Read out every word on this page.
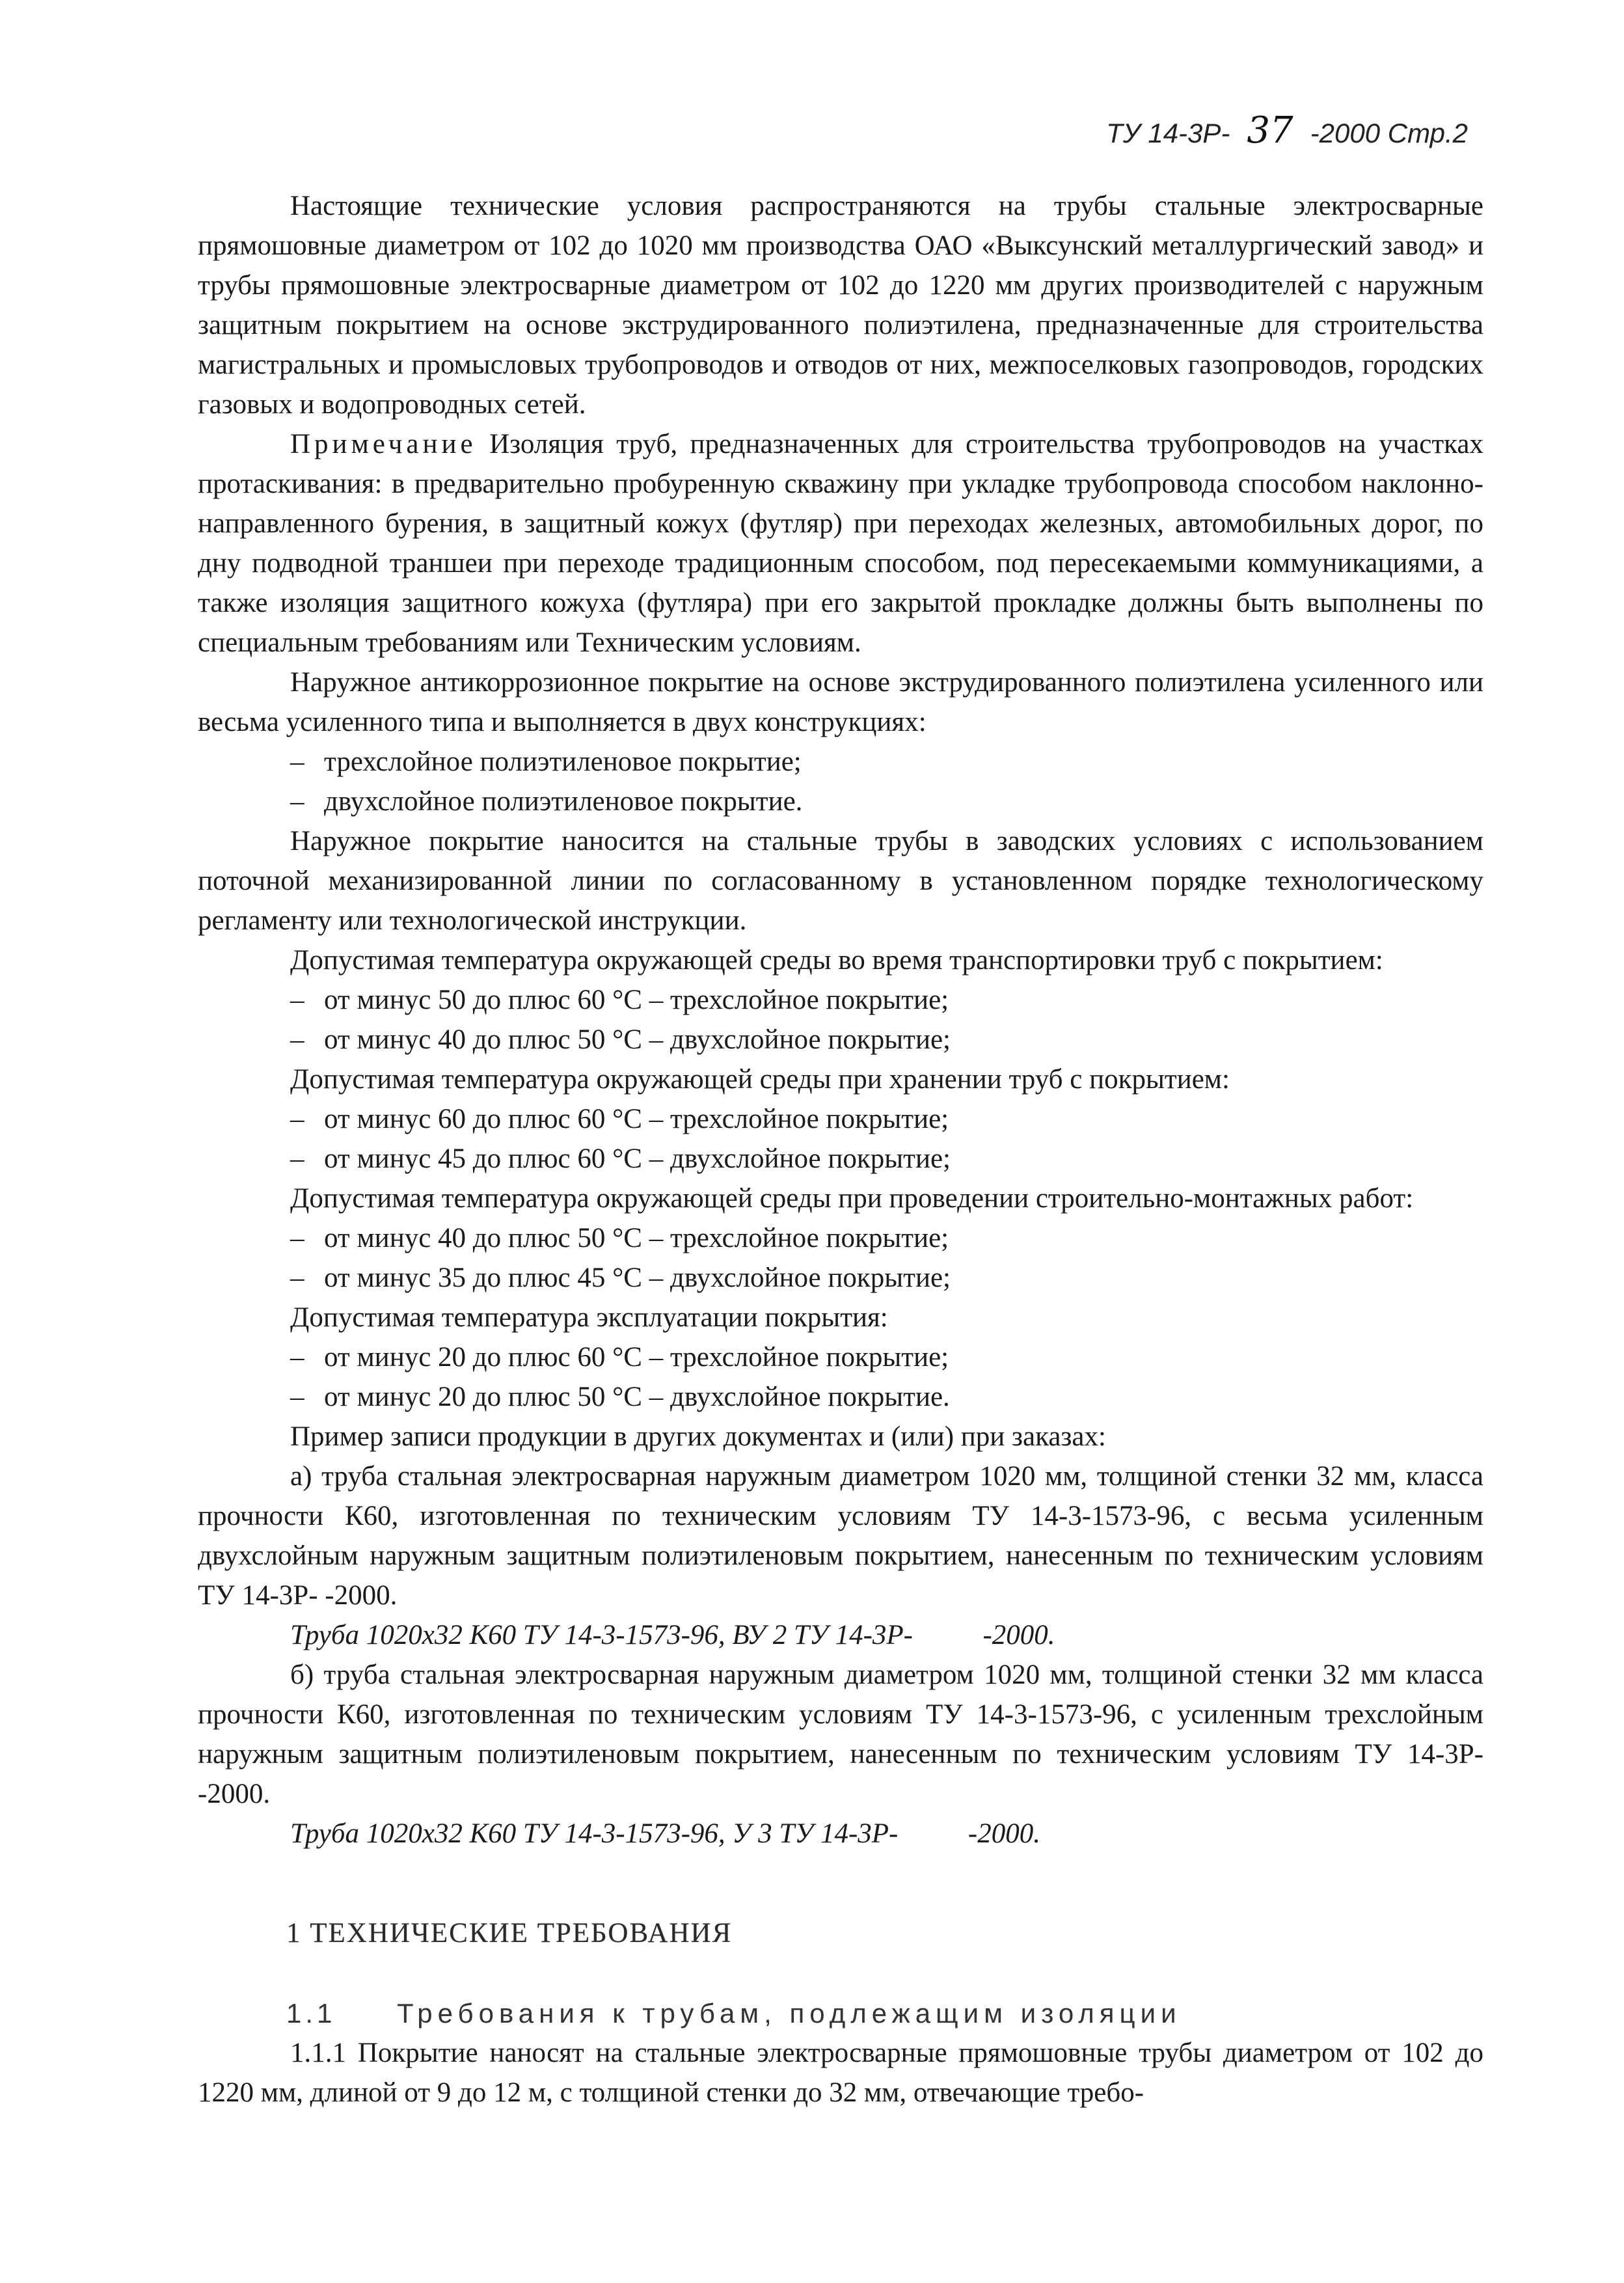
ТУ 14-3Р- 37 -2000 Стр.2

Настоящие технические условия распространяются на трубы стальные электросварные прямошовные диаметром от 102 до 1020 мм производства ОАО «Выксунский металлургический завод» и трубы прямошовные электросварные диаметром от 102 до 1220 мм других производителей с наружным защитным покрытием на основе экструдированного полиэтилена, предназначенные для строительства магистральных и промысловых трубопроводов и отводов от них, межпоселковых газопроводов, городских газовых и водопроводных сетей.

Примечание Изоляция труб, предназначенных для строительства трубопроводов на участках протаскивания: в предварительно пробуренную скважину при укладке трубопровода способом наклонно-направленного бурения, в защитный кожух (футляр) при переходах железных, автомобильных дорог, по дну подводной траншеи при переходе традиционным способом, под пересекаемыми коммуникациями, а также изоляция защитного кожуха (футляра) при его закрытой прокладке должны быть выполнены по специальным требованиям или Техническим условиям.

Наружное антикоррозионное покрытие на основе экструдированного полиэтилена усиленного или весьма усиленного типа и выполняется в двух конструкциях:

– трехслойное полиэтиленовое покрытие;

– двухслойное полиэтиленовое покрытие.

Наружное покрытие наносится на стальные трубы в заводских условиях с использованием поточной механизированной линии по согласованному в установленном порядке технологическому регламенту или технологической инструкции.

Допустимая температура окружающей среды во время транспортировки труб с покрытием:

– от минус 50 до плюс 60 °С – трехслойное покрытие;

– от минус 40 до плюс 50 °С – двухслойное покрытие;

Допустимая температура окружающей среды при хранении труб с покрытием:

– от минус 60 до плюс 60 °С – трехслойное покрытие;

– от минус 45 до плюс 60 °С – двухслойное покрытие;

Допустимая температура окружающей среды при проведении строительно-монтажных работ:

– от минус 40 до плюс 50 °С – трехслойное покрытие;

– от минус 35 до плюс 45 °С – двухслойное покрытие;

Допустимая температура эксплуатации покрытия:

– от минус 20 до плюс 60 °С – трехслойное покрытие;

– от минус 20 до плюс 50 °С – двухслойное покрытие.

Пример записи продукции в других документах и (или) при заказах:

а) труба стальная электросварная наружным диаметром 1020 мм, толщиной стенки 32 мм, класса прочности К60, изготовленная по техническим условиям ТУ 14-3-1573-96, с весьма усиленным двухслойным наружным защитным полиэтиленовым покрытием, нанесенным по техническим условиям ТУ 14-3Р- -2000.

Труба 1020х32 К60 ТУ 14-3-1573-96, ВУ 2 ТУ 14-3Р-          -2000.

б) труба стальная электросварная наружным диаметром 1020 мм, толщиной стенки 32 мм класса прочности К60, изготовленная по техническим условиям ТУ 14-3-1573-96, с усиленным трехслойным наружным защитным полиэтиленовым покрытием, нанесенным по техническим условиям ТУ 14-3Р- -2000.

Труба 1020х32 К60 ТУ 14-3-1573-96, У 3 ТУ 14-3Р-          -2000.

1 ТЕХНИЧЕСКИЕ ТРЕБОВАНИЯ

1.1 Требования к трубам, подлежащим изоляции

1.1.1 Покрытие наносят на стальные электросварные прямошовные трубы диаметром от 102 до 1220 мм, длиной от 9 до 12 м, с толщиной стенки до 32 мм, отвечающие требо-
